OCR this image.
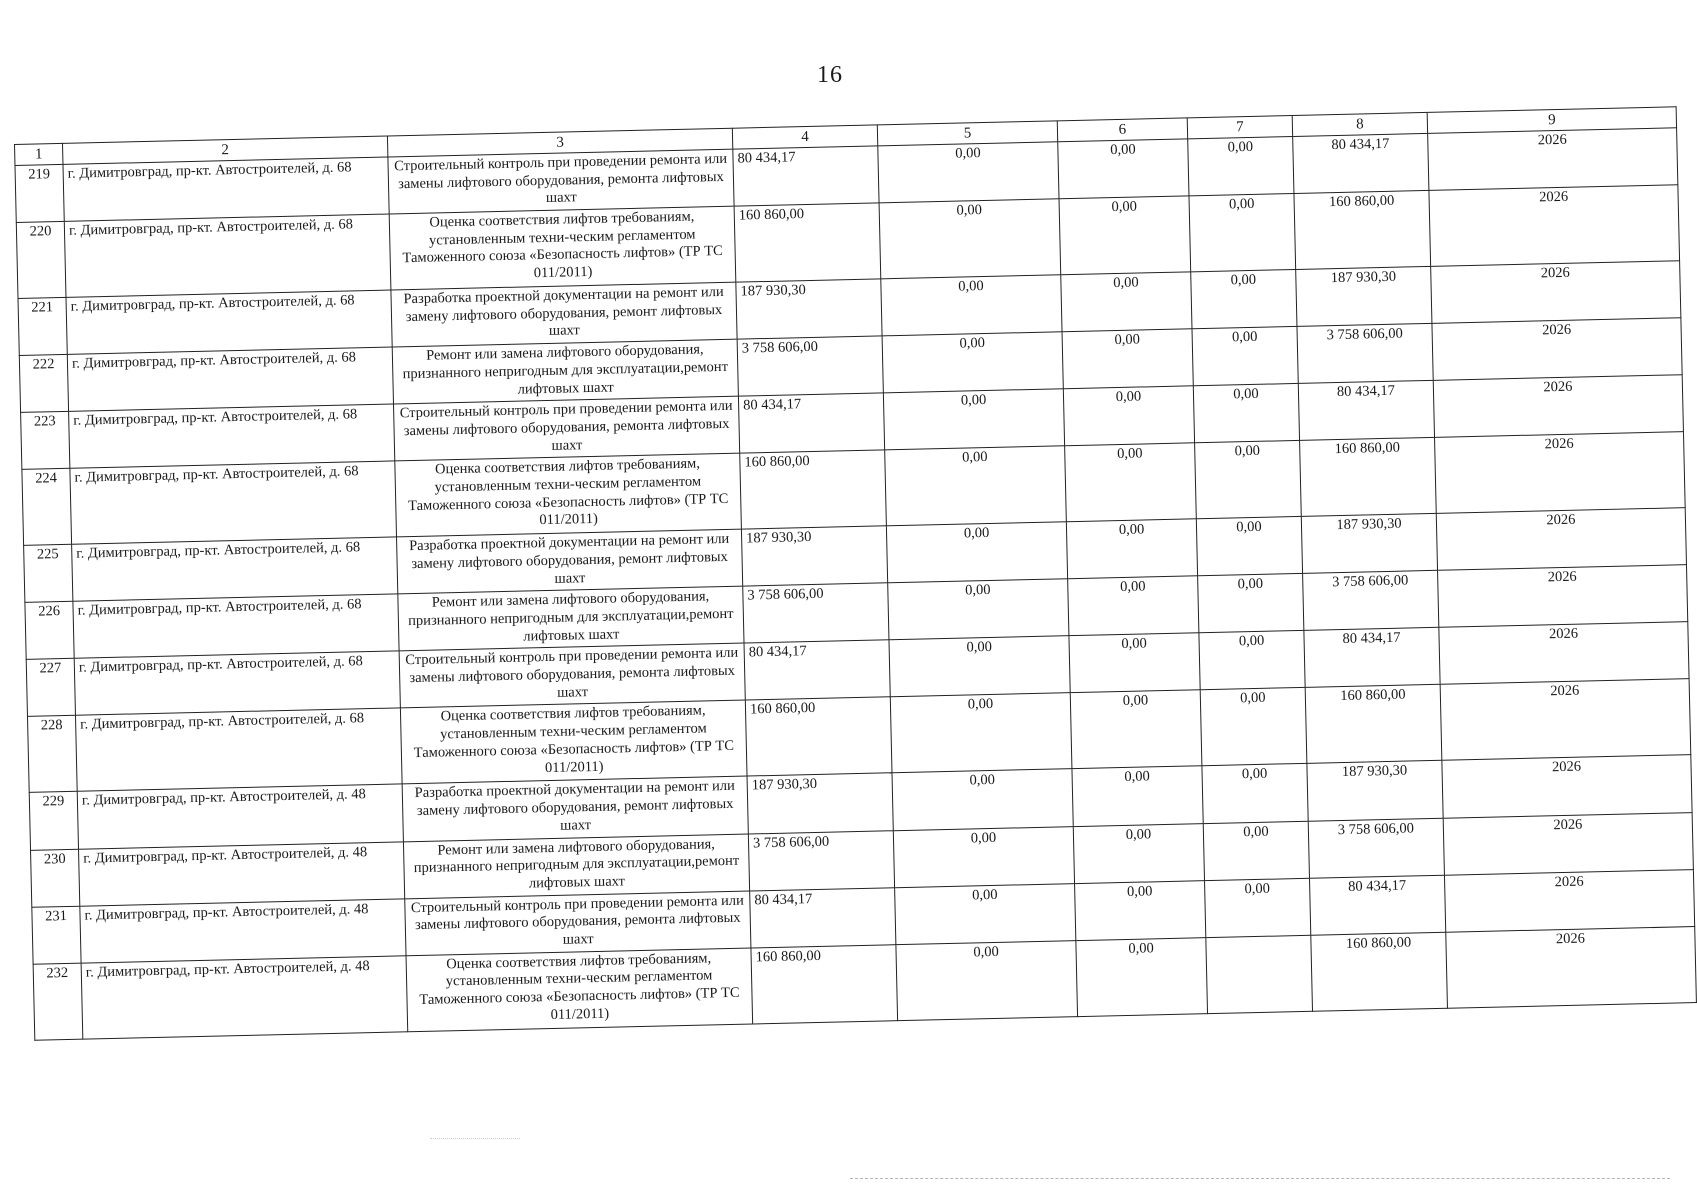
16
1	2	3	4	5	6	7	8	9
219	г. Димитровград, пр-кт. Автостроителей, д. 68	Строительный контроль при проведении ремонта или замены лифтового оборудования, ремонта лифтовых шахт	80 434,17	0,00	0,00	0,00	80 434,17	2026
220	г. Димитровград, пр-кт. Автостроителей, д. 68	Оценка соответствия лифтов требованиям, установленным техни-ческим регламентом Таможенного союза «Безопасность лифтов» (ТР ТС 011/2011)	160 860,00	0,00	0,00	0,00	160 860,00	2026
221	г. Димитровград, пр-кт. Автостроителей, д. 68	Разработка проектной документации на ремонт или замену лифтового оборудования, ремонт лифтовых шахт	187 930,30	0,00	0,00	0,00	187 930,30	2026
222	г. Димитровград, пр-кт. Автостроителей, д. 68	Ремонт или замена лифтового оборудования, признанного непригодным для эксплуатации,ремонт лифтовых шахт	3 758 606,00	0,00	0,00	0,00	3 758 606,00	2026
223	г. Димитровград, пр-кт. Автостроителей, д. 68	Строительный контроль при проведении ремонта или замены лифтового оборудования, ремонта лифтовых шахт	80 434,17	0,00	0,00	0,00	80 434,17	2026
224	г. Димитровград, пр-кт. Автостроителей, д. 68	Оценка соответствия лифтов требованиям, установленным техни-ческим регламентом Таможенного союза «Безопасность лифтов» (ТР ТС 011/2011)	160 860,00	0,00	0,00	0,00	160 860,00	2026
225	г. Димитровград, пр-кт. Автостроителей, д. 68	Разработка проектной документации на ремонт или замену лифтового оборудования, ремонт лифтовых шахт	187 930,30	0,00	0,00	0,00	187 930,30	2026
226	г. Димитровград, пр-кт. Автостроителей, д. 68	Ремонт или замена лифтового оборудования, признанного непригодным для эксплуатации,ремонт лифтовых шахт	3 758 606,00	0,00	0,00	0,00	3 758 606,00	2026
227	г. Димитровград, пр-кт. Автостроителей, д. 68	Строительный контроль при проведении ремонта или замены лифтового оборудования, ремонта лифтовых шахт	80 434,17	0,00	0,00	0,00	80 434,17	2026
228	г. Димитровград, пр-кт. Автостроителей, д. 68	Оценка соответствия лифтов требованиям, установленным техни-ческим регламентом Таможенного союза «Безопасность лифтов» (ТР ТС 011/2011)	160 860,00	0,00	0,00	0,00	160 860,00	2026
229	г. Димитровград, пр-кт. Автостроителей, д. 48	Разработка проектной документации на ремонт или замену лифтового оборудования, ремонт лифтовых шахт	187 930,30	0,00	0,00	0,00	187 930,30	2026
230	г. Димитровград, пр-кт. Автостроителей, д. 48	Ремонт или замена лифтового оборудования, признанного непригодным для эксплуатации,ремонт лифтовых шахт	3 758 606,00	0,00	0,00	0,00	3 758 606,00	2026
231	г. Димитровград, пр-кт. Автостроителей, д. 48	Строительный контроль при проведении ремонта или замены лифтового оборудования, ремонта лифтовых шахт	80 434,17	0,00	0,00	0,00	80 434,17	2026
232	г. Димитровград, пр-кт. Автостроителей, д. 48	Оценка соответствия лифтов требованиям, установленным техни-ческим регламентом Таможенного союза «Безопасность лифтов» (ТР ТС 011/2011)	160 860,00	0,00	0,00		160 860,00	2026
